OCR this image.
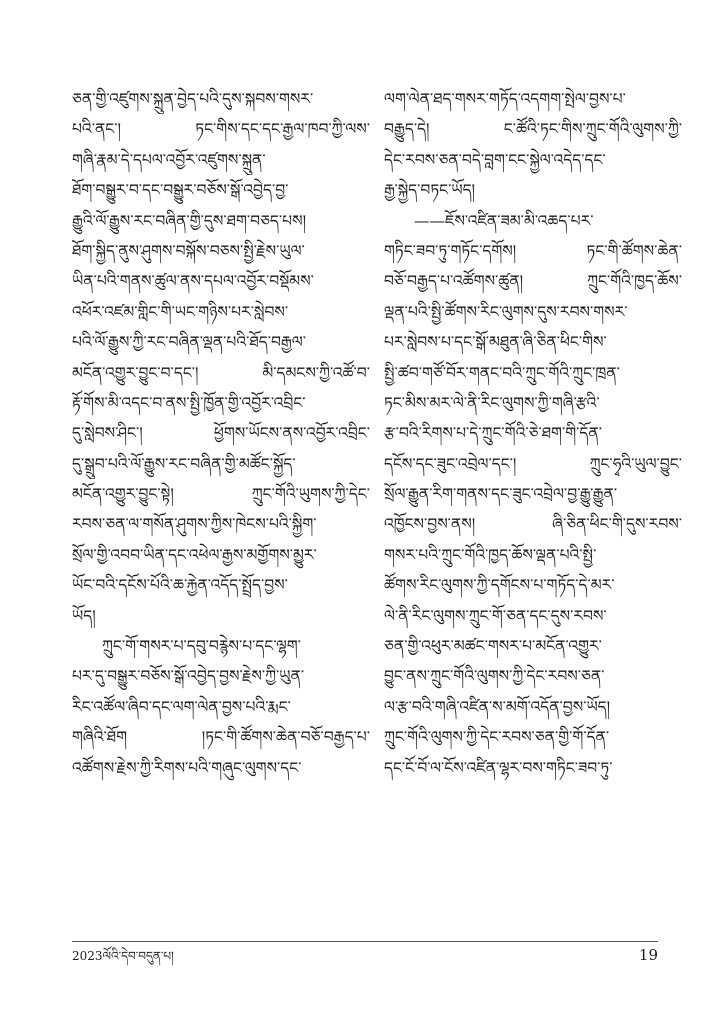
ཅན་གྱི་འཛུགས་སྐྲུན་བྱེད་པའི་དུས་སྐབས་གསར་
པའི་ནང་། ཏང་གིས་དང་དང་རྒྱལ་ཁབ་ཀྱི་ལས་
གཞི་རྣམ་དེ་དཔལ་འབྱོར་འཛུགས་སྐྲུན་
ཐོག་བསྒྱུར་བ་དང་བསྒྱུར་བཅོས་སྒོ་འབྱེད་བྱ་
རྒྱུའི་ལོ་རྒྱུས་རང་བཞིན་གྱི་དུས་ཐག་བཅད་པས།
ཐོག་སྐྱིད་ནུས་ཤུགས་བསྐོས་བཅས་སྤྱི་རྗེས་ཡུལ་
ཡིན་པའི་གནས་ཚུལ་ནས་དཔལ་འབྱོར་བསྡོམས་
འཕོར་འཛམ་གླིང་གི་ཡང་གཉིས་པར་སླེབས་
པའི་ལོ་རྒྱུས་ཀྱི་རང་བཞིན་ལྡན་པའི་ཐོད་བརྒྱལ་
མངོན་འགྱུར་བྱུང་བ་དང་། མི་དམངས་ཀྱི་འཚོ་བ་
རྟོ་གོས་མི་འདང་བ་ནས་སྤྱི་ཁྱོན་གྱི་འབྱོར་འབྲིང་
དུ་སླེབས་ཤིང་། ཕྱོགས་ཡོངས་ནས་འབྱོར་འབྲིང་
དུ་སྒྲུབ་པའི་ལོ་རྒྱུས་རང་བཞིན་གྱི་མཚོང་སྐྱོད་
མངོན་འགྱུར་བྱུང་སྟེ། ཀྲུང་གོའི་ཡུགས་ཀྱི་དེང་
རབས་ཅན་ལ་གསོན་ཤུགས་ཀྱིས་ཁེངས་པའི་སྐྱིག་
སྲོལ་གྱི་འབབ་ཡིན་དང་འཕེལ་རྒྱས་མགྱོགས་མྱུར་
ཡོང་བའི་དངོས་པོའི་ཆ་རྐྱེན་འདོད་སྤྲོད་བྱས་
ཡོད།
ཀྲུང་གོ་གསར་པ་དབུ་བརྙེས་པ་དང་ལྷག་
པར་དུ་བསྒྱུར་བཅོས་སྒོ་འབྱེད་བྱས་རྗེས་ཀྱི་ཡུན་
རིང་འཚོལ་ཞིབ་དང་ལག་ལེན་བྱས་པའི་རྨང་
གཞིའི་ཐོག །ཏང་གི་ཚོགས་ཆེན་བཅོ་བརྒྱད་པ་
འཚོགས་རྗེས་ཀྱི་རིགས་པའི་གཞུང་ལུགས་དང་
ལག་ལེན་ཐད་གསར་གཏོད་འདགག་སྤེལ་བྱས་པ་
བརྒྱུད་དེ། ང་ཚོའི་ཏང་གིས་ཀྲུང་གོའི་ལུགས་ཀྱི་
དེང་རབས་ཅན་བདེ་བླག་ངང་སྐྱེལ་འདེད་དང་
རྒྱ་སྐྱེད་བཏང་ཡོད།
——ཇོས་འཛིན་ཟམ་མི་འཆད་པར་
གཏིང་ཟབ་ཏུ་གཏོང་དགོས། ཏང་གི་ཚོགས་ཆེན་
བཅོ་བརྒྱད་པ་འཚོགས་ཚུན། ཀྲུང་གོའི་ཁྱད་ཆོས་
ལྡན་པའི་སྤྱི་ཚོགས་རིང་ལུགས་དུས་རབས་གསར་
པར་སླེབས་པ་དང་སྒོ་མཐུན་ཞི་ཅིན་ཕིང་གིས་
སྤྱི་ཚབ་གཙོ་བོར་གནང་བའི་ཀྲུང་གོའི་ཀྲུང་ཁྲན་
ཏང་མིས་མར་ལེ་ནི་རིང་ལུགས་ཀྱི་གཞི་རྩའི་
རྩ་བའི་རིགས་པ་དེ་ཀྲུང་གོའི་ཅེ་ཐག་གི་དོན་
དངོས་དང་ཟུང་འབྲེལ་དང་། ཀྲུང་ཧྭའི་ཡུལ་བྱུང་
སྲོལ་རྒྱུན་རིག་གནས་དང་ཟུང་འབྲེལ་བྱ་རྒྱུ་རྒྱུན་
འཁྱོངས་བྱས་ནས། ཞི་ཅིན་ཕིང་གི་དུས་རབས་
གསར་པའི་ཀྲུང་གོའི་ཁྱད་ཆོས་ལྡན་པའི་སྤྱི་
ཚོགས་རིང་ལུགས་ཀྱི་དགོངས་པ་གཏོད་དེ་མར་
ལེ་ནི་རིང་ལུགས་ཀྲུང་གོ་ཅན་དང་དུས་རབས་
ཅན་གྱི་འཕུར་མཚང་གསར་པ་མངོན་འགྱུར་
བྱུང་ནས་ཀྲུང་གོའི་ལུགས་ཀྱི་དེང་རབས་ཅན་
ལ་རྩ་བའི་གཞི་འཛིན་ས་མགོ་འདོན་བྱས་ཡོད།
ཀྲུང་གོའི་ལུགས་ཀྱི་དེང་རབས་ཅན་གྱི་གོ་དོན་
དང་ངོ་བོ་ལ་ངོས་འཛིན་ལྷར་བས་གཏིང་ཟབ་ཏུ་
2023ལོའི་དེབ་བདུན་པ།	19
